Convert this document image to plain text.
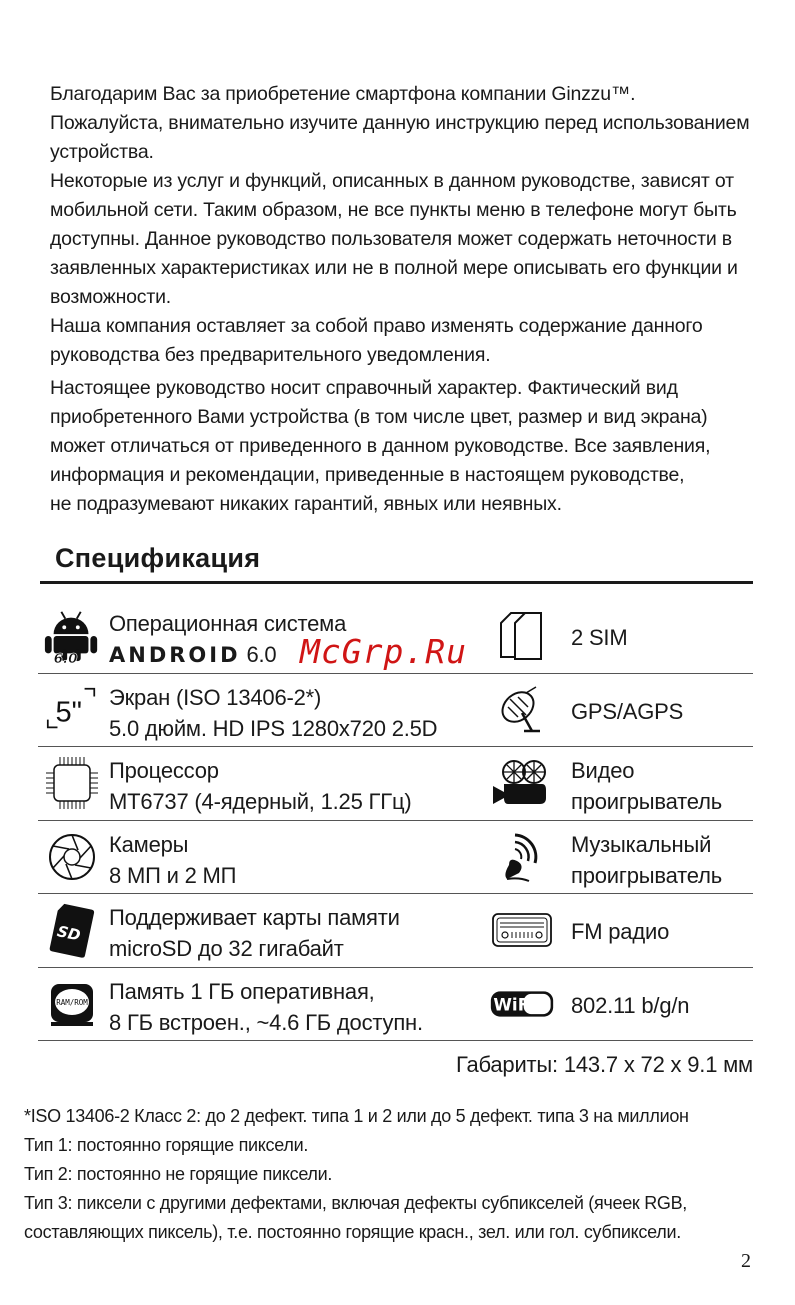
Благодарим Вас за приобретение смартфона компании Ginzzu™.

Пожалуйста, внимательно изучите данную инструкцию перед использованием

устройства.

Некоторые из услуг и функций, описанных в данном руководстве, зависят от

мобильной сети. Таким образом, не все пункты меню в телефоне могут быть

доступны. Данное руководство пользователя может содержать неточности в

заявленных характеристиках или не в полной мере описывать его функции и

возможности.

Наша компания оставляет за собой право изменять содержание данного

руководства без предварительного уведомления.

Настоящее руководство носит справочный характер. Фактический вид

приобретенного Вами устройства (в том числе цвет, размер и вид экрана)

может отличаться от приведенного в данном руководстве. Все заявления,

информация и рекомендации, приведенные в настоящем руководстве,

не подразумевают никаких гарантий, явных или неявных.

Спецификация
6.0
Операционная система
ANDROID 6.0
2 SIM
5" Экран (ISO 13406-2*)
5.0 дюйм. HD IPS 1280x720 2.5D
GPS/AGPS
Процессор
MT6737 (4-ядерный, 1.25 ГГц)
Видео
проигрыватель
Камеры
8 МП и 2 МП
Музыкальный
проигрыватель
SD
Поддерживает карты памяти
microSD до 32 гигабайт
FM радио
RAM/ROM Память 1 ГБ оперативная,
8 ГБ встроен., ~4.6 ГБ доступн.
WiFi 802.11 b/g/n
McGrp.Ru
Габариты: 143.7 x 72 x 9.1 мм

*ISO 13406-2 Класс 2: до 2 дефект. типа 1 и 2 или до 5 дефект. типа 3 на миллион

Тип 1: постоянно горящие пиксели.

Тип 2: постоянно не горящие пиксели.

Тип 3: пиксели с другими дефектами, включая дефекты субпикселей (ячеек RGB,

составляющих пиксель), т.е. постоянно горящие красн., зел. или гол. субпиксели.

2
